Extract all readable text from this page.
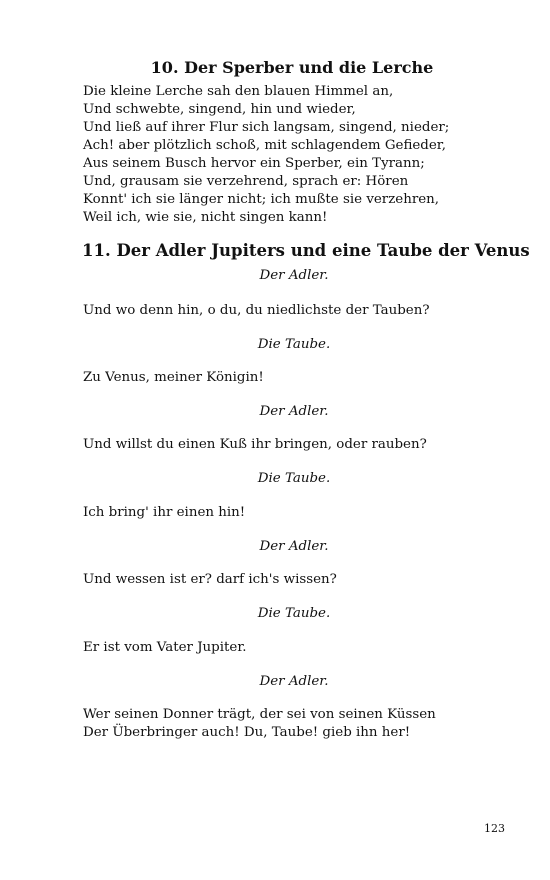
10. Der Sperber und die Lerche
Die kleine Lerche sah den blauen Himmel an,
Und schwebte, singend, hin und wieder,
Und ließ auf ihrer Flur sich langsam, singend, nieder;
Ach! aber plötzlich schoß, mit schlagendem Gefieder,
Aus seinem Busch hervor ein Sperber, ein Tyrann;
Und, grausam sie verzehrend, sprach er: Hören
Konnt' ich sie länger nicht; ich mußte sie verzehren,
Weil ich, wie sie, nicht singen kann!
11. Der Adler Jupiters und eine Taube der Venus
Der Adler.
Und wo denn hin, o du, du niedlichste der Tauben?
Die Taube.
Zu Venus, meiner Königin!
Der Adler.
Und willst du einen Kuß ihr bringen, oder rauben?
Die Taube.
Ich bring' ihr einen hin!
Der Adler.
Und wessen ist er? darf ich's wissen?
Die Taube.
Er ist vom Vater Jupiter.
Der Adler.
Wer seinen Donner trägt, der sei von seinen Küssen
Der Überbringer auch! Du, Taube! gieb ihn her!
123
